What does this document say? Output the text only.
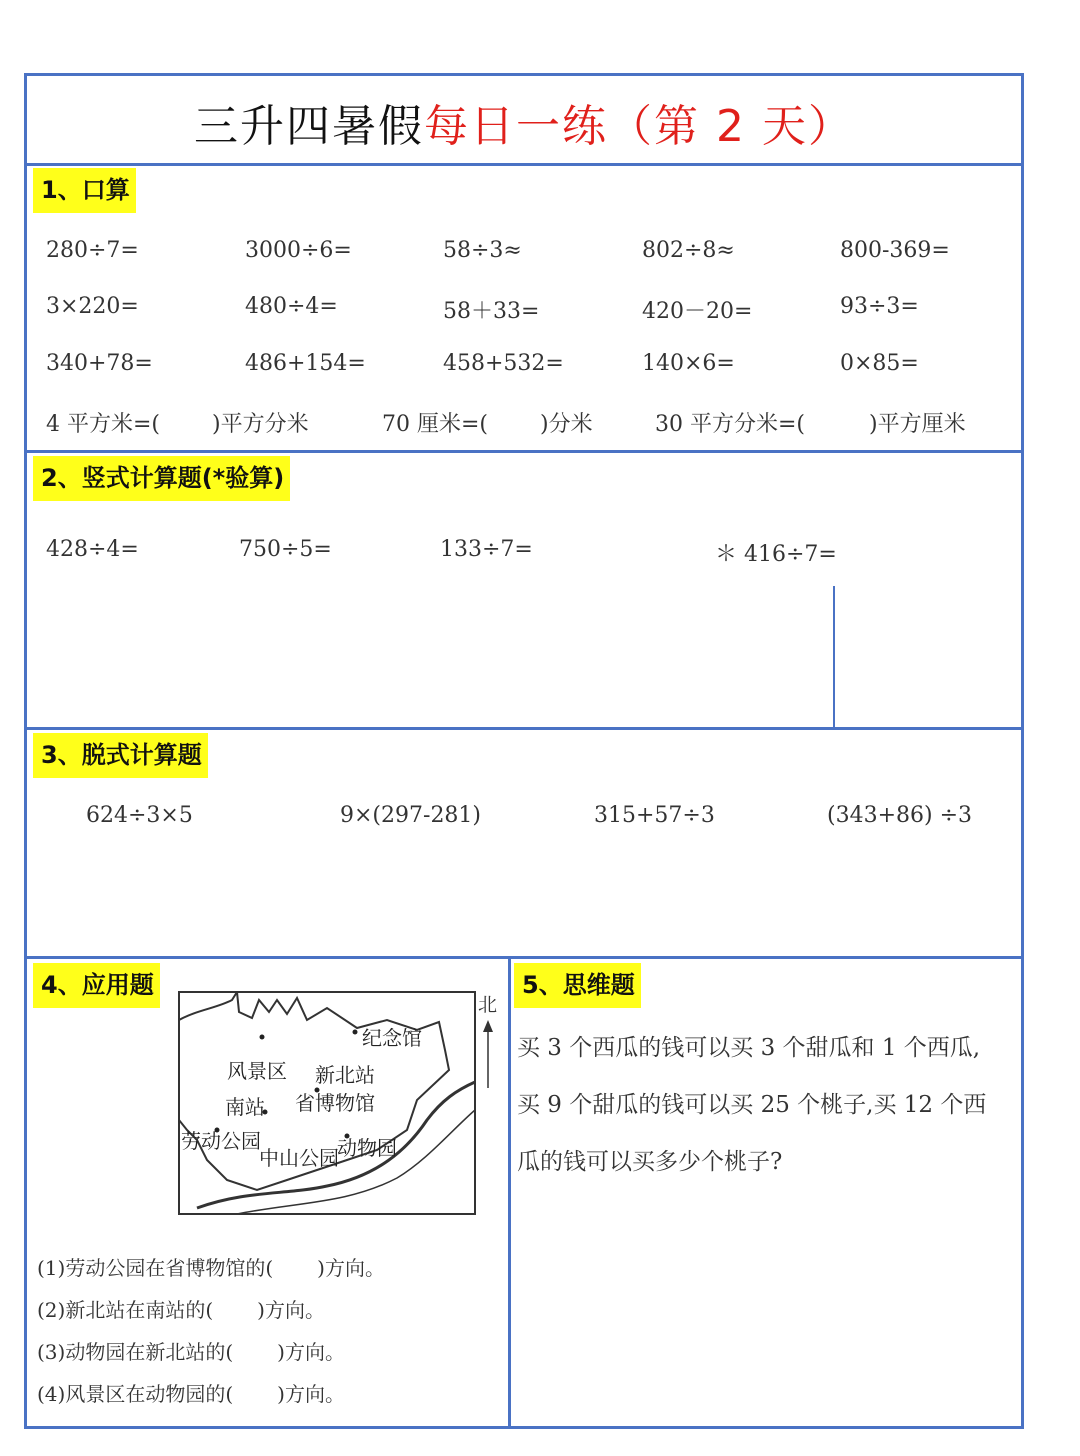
三升四暑假每日一练（第 2 天）
1、口算
280÷7=	3000÷6=	58÷3≈	802÷8≈	800-369=
3×220=	480÷4=	58＋33=	420－20=	93÷3=
340+78=	486+154=	458+532=	140×6=	0×85=
4 平方米=( )平方分米	70 厘米=( )分米	30 平方分米=(	)平方厘米
2、竖式计算题(*验算)
428÷4=	750÷5=	133÷7=	＊ 416÷7=
3、脱式计算题
624÷3×5	9×(297-281)	315+57÷3	(343+86) ÷3
4、应用题
纪念馆
风景区 新北站
南站 省博物馆
劳动公园
中山公园
动物园
北
(1)劳动公园在省博物馆的( )方向。
(2)新北站在南站的( )方向。
(3)动物园在新北站的( )方向。
(4)风景区在动物园的( )方向。
5、思维题
买 3 个西瓜的钱可以买 3 个甜瓜和 1 个西瓜,
买 9 个甜瓜的钱可以买 25 个桃子,买 12 个西
瓜的钱可以买多少个桃子?
